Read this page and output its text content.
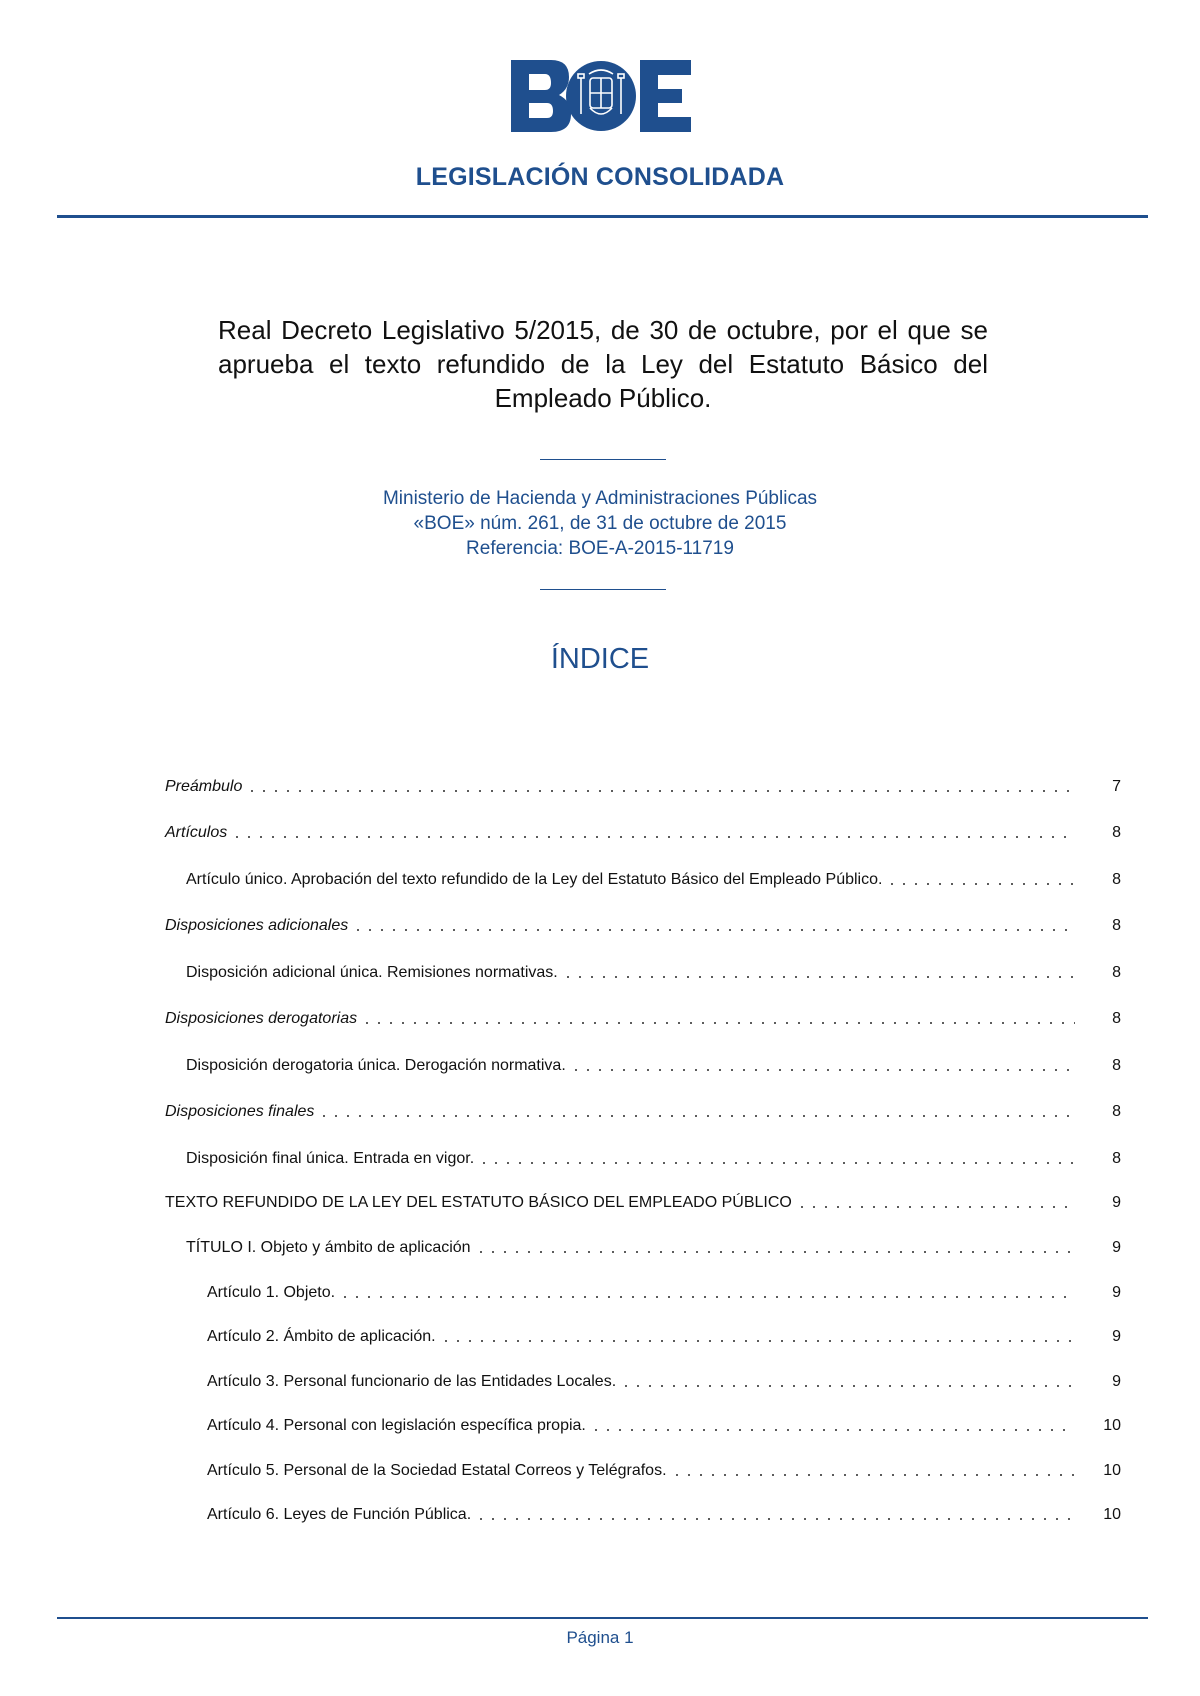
LEGISLACIÓN CONSOLIDADA
Real Decreto Legislativo 5/2015, de 30 de octubre, por el que se aprueba el texto refundido de la Ley del Estatuto Básico del Empleado Público.
Ministerio de Hacienda y Administraciones Públicas
«BOE» núm. 261, de 31 de octubre de 2015
Referencia: BOE-A-2015-11719
ÍNDICE
Preámbulo	7
Artículos	8
Artículo único. Aprobación del texto refundido de la Ley del Estatuto Básico del Empleado Público.	8
Disposiciones adicionales	8
Disposición adicional única. Remisiones normativas.	8
Disposiciones derogatorias	8
Disposición derogatoria única. Derogación normativa.	8
Disposiciones finales	8
Disposición final única. Entrada en vigor.	8
TEXTO REFUNDIDO DE LA LEY DEL ESTATUTO BÁSICO DEL EMPLEADO PÚBLICO	9
TÍTULO I. Objeto y ámbito de aplicación	9
Artículo 1. Objeto.	9
Artículo 2. Ámbito de aplicación.	9
Artículo 3. Personal funcionario de las Entidades Locales.	9
Artículo 4. Personal con legislación específica propia.	10
Artículo 5. Personal de la Sociedad Estatal Correos y Telégrafos.	10
Artículo 6. Leyes de Función Pública.	10
Página 1
